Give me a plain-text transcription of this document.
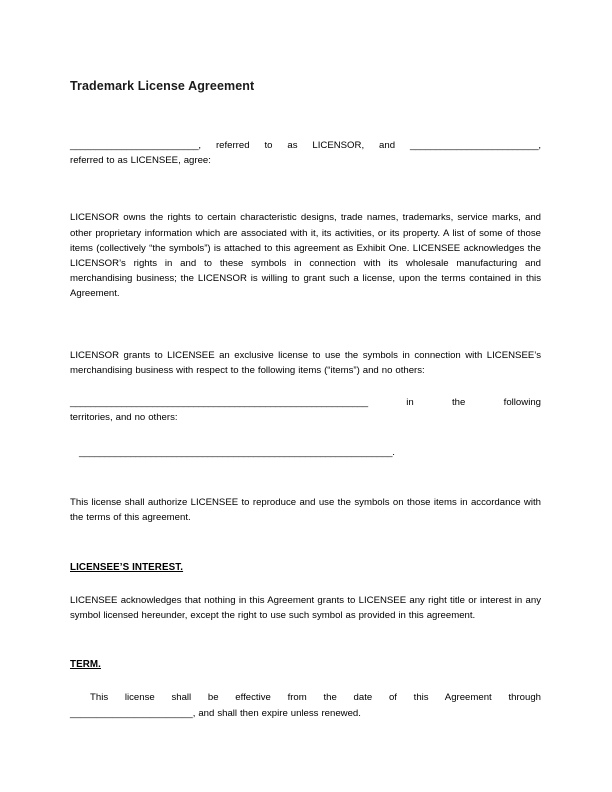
Trademark License Agreement

_________________________, referred to as LICENSOR, and _________________________,

referred to as LICENSEE, agree:

LICENSOR owns the rights to certain characteristic designs, trade names, trademarks, service marks, and other proprietary information which are associated with it, its activities, or its property. A list of some of those items (collectively “the symbols”) is attached to this agreement as Exhibit One. LICENSEE acknowledges the LICENSOR’s rights in and to these symbols in connection with its wholesale manufacturing and merchandising business; the LICENSOR is willing to grant such a license, upon the terms contained in this Agreement.

LICENSOR grants to LICENSEE an exclusive license to use the symbols in connection with LICENSEE’s merchandising business with respect to the following items (“items”) and no others:

__________________________________________________________	in	the	following

territories, and no others:

_____________________________________________________________.

This license shall authorize LICENSEE to reproduce and use the symbols on those items in accordance with the terms of this agreement.

LICENSEE’S INTEREST.

LICENSEE acknowledges that nothing in this Agreement grants to LICENSEE any right title or interest in any symbol licensed hereunder, except the right to use such symbol as provided in this agreement.

TERM.

This license shall be effective from the date of this Agreement through

_______________________, and shall then expire unless renewed.
